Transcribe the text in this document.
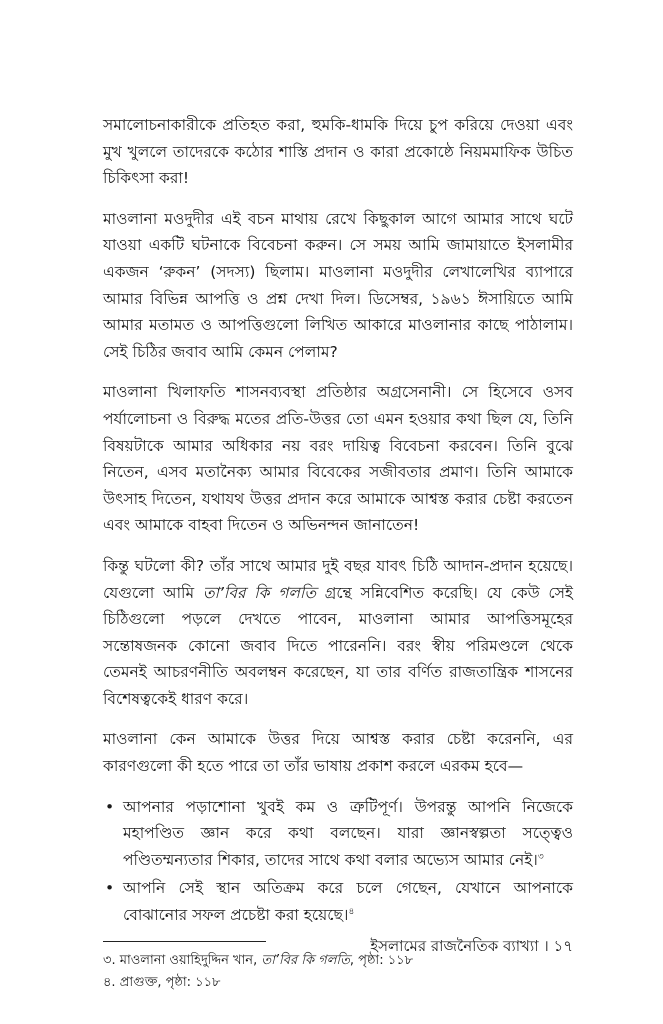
সমালোচনাকারীকে প্রতিহত করা, হুমকি-ধামকি দিয়ে চুপ করিয়ে দেওয়া এবং মুখ খুললে তাদেরকে কঠোর শাস্তি প্রদান ও কারা প্রকোষ্ঠে নিয়মমাফিক উচিত চিকিৎসা করা!

মাওলানা মওদুদীর এই বচন মাথায় রেখে কিছুকাল আগে আমার সাথে ঘটে যাওয়া একটি ঘটনাকে বিবেচনা করুন। সে সময় আমি জামায়াতে ইসলামীর একজন ‘রুকন’ (সদস্য) ছিলাম। মাওলানা মওদুদীর লেখালেখির ব্যাপারে আমার বিভিন্ন আপত্তি ও প্রশ্ন দেখা দিল। ডিসেম্বর, ১৯৬১ ঈসায়িতে আমি আমার মতামত ও আপত্তিগুলো লিখিত আকারে মাওলানার কাছে পাঠালাম। সেই চিঠির জবাব আমি কেমন পেলাম?

মাওলানা খিলাফতি শাসনব্যবস্থা প্রতিষ্ঠার অগ্রসেনানী। সে হিসেবে ওসব পর্যালোচনা ও বিরুদ্ধ মতের প্রতি-উত্তর তো এমন হওয়ার কথা ছিল যে, তিনি বিষয়টাকে আমার অধিকার নয় বরং দায়িত্ব বিবেচনা করবেন। তিনি বুঝে নিতেন, এসব মতানৈক্য আমার বিবেকের সজীবতার প্রমাণ। তিনি আমাকে উৎসাহ দিতেন, যথাযথ উত্তর প্রদান করে আমাকে আশ্বস্ত করার চেষ্টা করতেন এবং আমাকে বাহবা দিতেন ও অভিনন্দন জানাতেন!

কিন্তু ঘটলো কী? তাঁর সাথে আমার দুই বছর যাবৎ চিঠি আদান-প্রদান হয়েছে। যেগুলো আমি তা’বির কি গলতি গ্রন্থে সন্নিবেশিত করেছি। যে কেউ সেই চিঠিগুলো পড়লে দেখতে পাবেন, মাওলানা আমার আপত্তিসমূহের সন্তোষজনক কোনো জবাব দিতে পারেননি। বরং স্বীয় পরিমণ্ডলে থেকে তেমনই আচরণনীতি অবলম্বন করেছেন, যা তার বর্ণিত রাজতান্ত্রিক শাসনের বিশেষত্বকেই ধারণ করে।

মাওলানা কেন আমাকে উত্তর দিয়ে আশ্বস্ত করার চেষ্টা করেননি, এর কারণগুলো কী হতে পারে তা তাঁর ভাষায় প্রকাশ করলে এরকম হবে—

• আপনার পড়াশোনা খুবই কম ও ত্রুটিপূর্ণ। উপরন্তু আপনি নিজেকে মহাপণ্ডিত জ্ঞান করে কথা বলছেন। যারা জ্ঞানস্বল্পতা সত্ত্বেও পণ্ডিতম্মন্যতার শিকার, তাদের সাথে কথা বলার অভ্যেস আমার নেই।$^৩$
• আপনি সেই স্থান অতিক্রম করে চলে গেছেন, যেখানে আপনাকে বোঝানোর সফল প্রচেষ্টা করা হয়েছে।$^৪$

৩. মাওলানা ওয়াহিদুদ্দিন খান, তা’বির কি গলতি, পৃষ্ঠা: ১১৮

৪. প্রাগুক্ত, পৃষ্ঠা: ১১৮

ইসলামের রাজনৈতিক ব্যাখ্যা । ১৭
